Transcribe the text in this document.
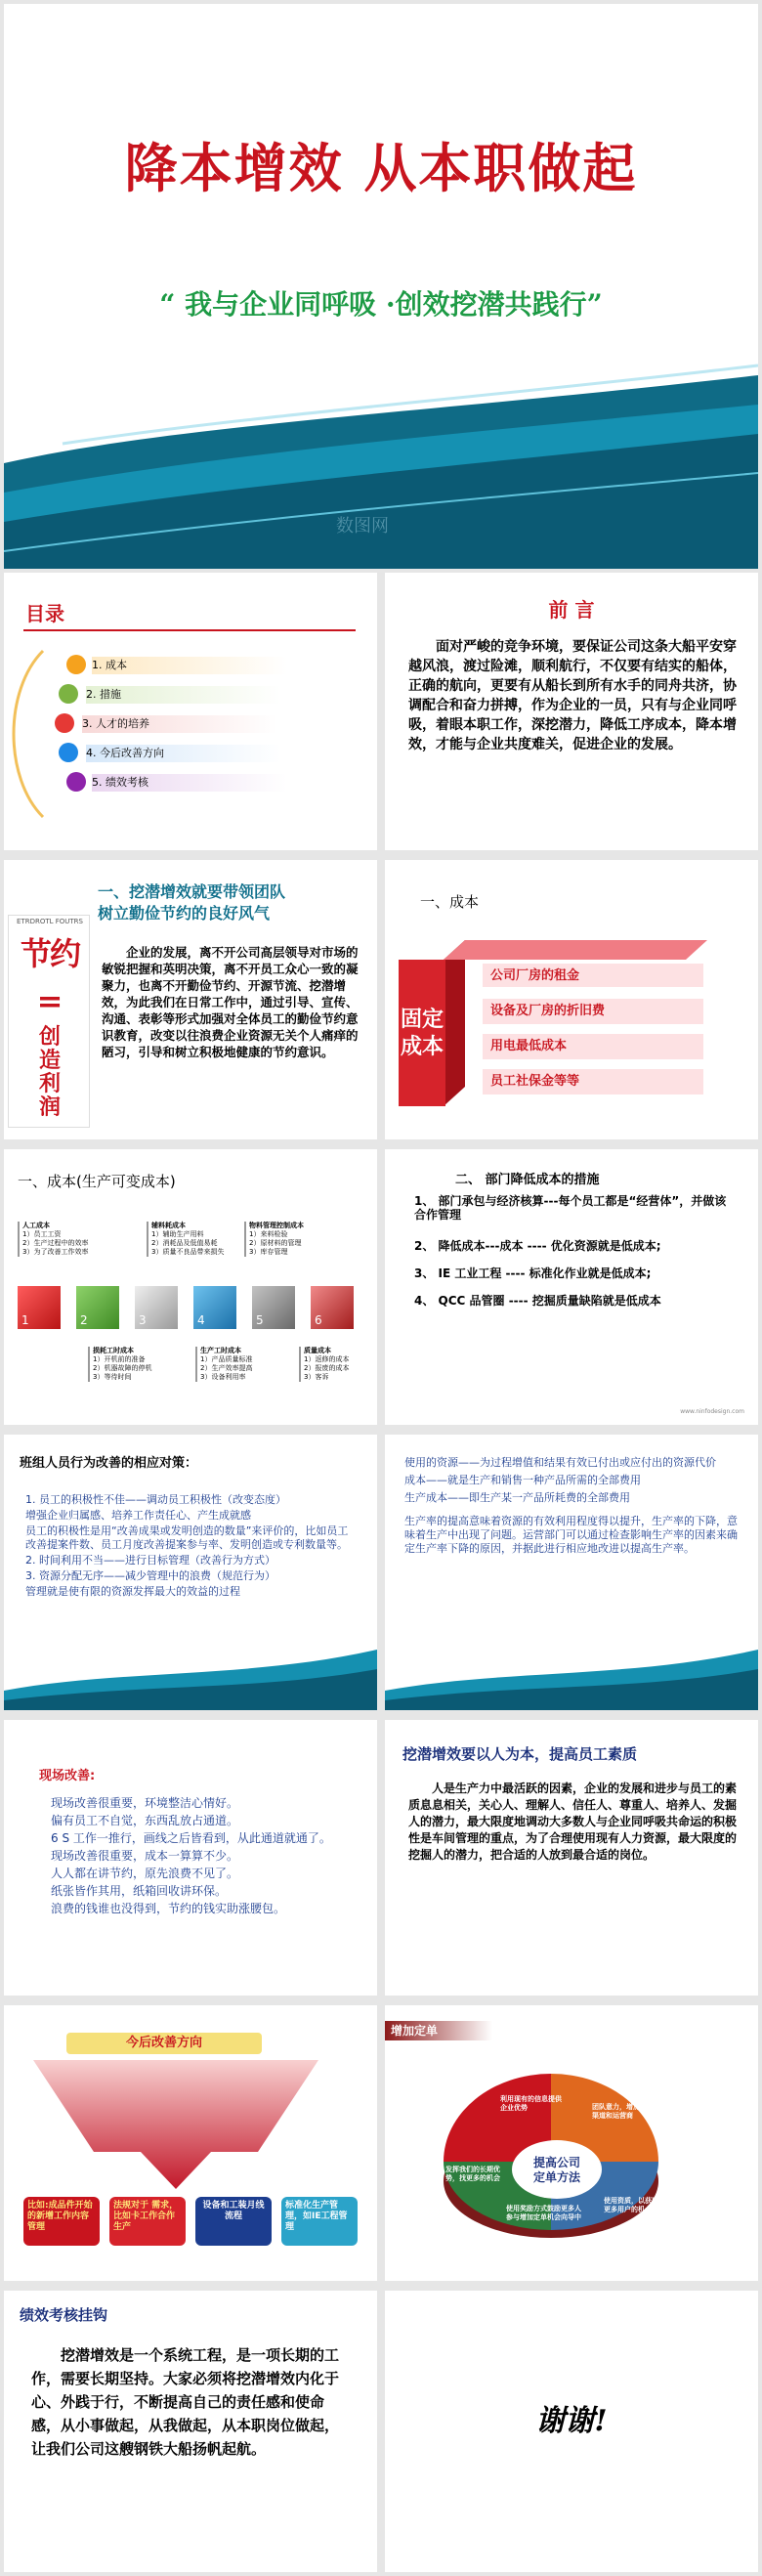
降本增效 从本职做起
“ 我与企业同呼吸 ·创效挖潜共践行”
数图网
目录
1. 成本
2. 措施
3. 人才的培养
4. 今后改善方向
5. 绩效考核
前 言
面对严峻的竞争环境，要保证公司这条大船平安穿越风浪，渡过险滩，顺利航行，不仅要有结实的船体，正确的航向，更要有从船长到所有水手的同舟共济，协调配合和奋力拼搏，作为企业的一员，只有与企业同呼吸，着眼本职工作，深挖潜力，降低工序成本，降本增效，才能与企业共度难关，促进企业的发展。
一、挖潜增效就要带领团队
树立勤俭节约的良好风气
ETRDROTL FOUTRS
节约
=
创造利润
企业的发展，离不开公司高层领导对市场的敏锐把握和英明决策，离不开员工众心一致的凝聚力，也离不开勤俭节约、开源节流、挖潜增效，为此我们在日常工作中，通过引导、宣传、沟通、表彰等形式加强对全体员工的勤俭节约意识教育，改变以往浪费企业资源无关个人痛痒的陋习，引导和树立积极地健康的节约意识。
一、成本
固定
成本
公司厂房的租金
设备及厂房的折旧费
用电最低成本
员工社保金等等
一、成本(生产可变成本)
人工成本
1）员工工资
2）生产过程中的效率
3）为了改善工作效率
辅料耗成本
1）辅助生产用料
2）消耗品及低值易耗
3）质量不良品带来损失
物料管理控制成本
1）来料检验
2）原材料的管理
3）库存管理
1	2	3	4	5	6
损耗工时成本
1）开机前的准备
2）机器故障的停机
3）等待时间
生产工时成本
1）产品质量标准
2）生产效率提高
3）设备利用率
质量成本
1）返修的成本
2）报废的成本
3）客诉
二、 部门降低成本的措施
1、 部门承包与经济核算---每个员工都是“经营体”，并做该合作管理
2、 降低成本---成本 ---- 优化资源就是低成本;
3、 IE 工业工程 ---- 标准化作业就是低成本;
4、 QCC 品管圈 ---- 挖掘质量缺陷就是低成本
www.ninfodesign.com
班组人员行为改善的相应对策：
1. 员工的积极性不佳——调动员工积极性（改变态度）
增强企业归属感、培养工作责任心、产生成就感
员工的积极性是用“改善成果或发明创造的数量”来评价的，比如员工改善提案件数、员工月度改善提案参与率、发明创造或专利数量等。
2. 时间利用不当——进行目标管理（改善行为方式）
3. 资源分配无序——减少管理中的浪费（规范行为）
管理就是使有限的资源发挥最大的效益的过程
使用的资源——为过程增值和结果有效已付出或应付出的资源代价
成本——就是生产和销售一种产品所需的全部费用
生产成本——即生产某一产品所耗费的全部费用
生产率的提高意味着资源的有效利用程度得以提升，生产率的下降，意味着生产中出现了问题。运营部门可以通过检查影响生产率的因素来确定生产率下降的原因，并据此进行相应地改进以提高生产率。
现场改善:
现场改善很重要，环境整洁心情好。
偏有员工不自觉，东西乱放占通道。
6 S 工作一推行，画线之后皆看到，从此通道就通了。
现场改善很重要，成本一算算不少。
人人都在讲节约，原先浪费不见了。
纸张皆作其用，纸箱回收讲环保。
浪费的钱谁也没得到，节约的钱实助涨腰包。
挖潜增效要以人为本，提高员工素质
人是生产力中最活跃的因素，企业的发展和进步与员工的素质息息相关，关心人、理解人、信任人、尊重人、培养人、发掘人的潜力，最大限度地调动大多数人与企业同呼吸共命运的积极性是车间管理的重点，为了合理使用现有人力资源，最大限度的挖掘人的潜力，把合适的人放到最合适的岗位。
今后改善方向
比如:成品件开始的新增工作内容管理
法规对于 需求，比如卡工作合作生产
设备和工装月线流程
标准化生产管理，如IE工程管理
增加定单
提高公司
定单方法
利用现有的信息提供企业优势	团队意力，增加新的渠道和运营商
使用资质，以获取更多用户的机会
发挥我们的长期优势，找更多的机会
使用奖励方式鼓励更多人参与增加定单机会向导中
绩效考核挂钩
挖潜增效是一个系统工程，是一项长期的工作，需要长期坚持。大家必须将挖潜增效内化于心、外践于行，不断提高自己的责任感和使命感，从小事做起，从我做起，从本职岗位做起，让我们公司这艘钢铁大船扬帆起航。
谢谢!
